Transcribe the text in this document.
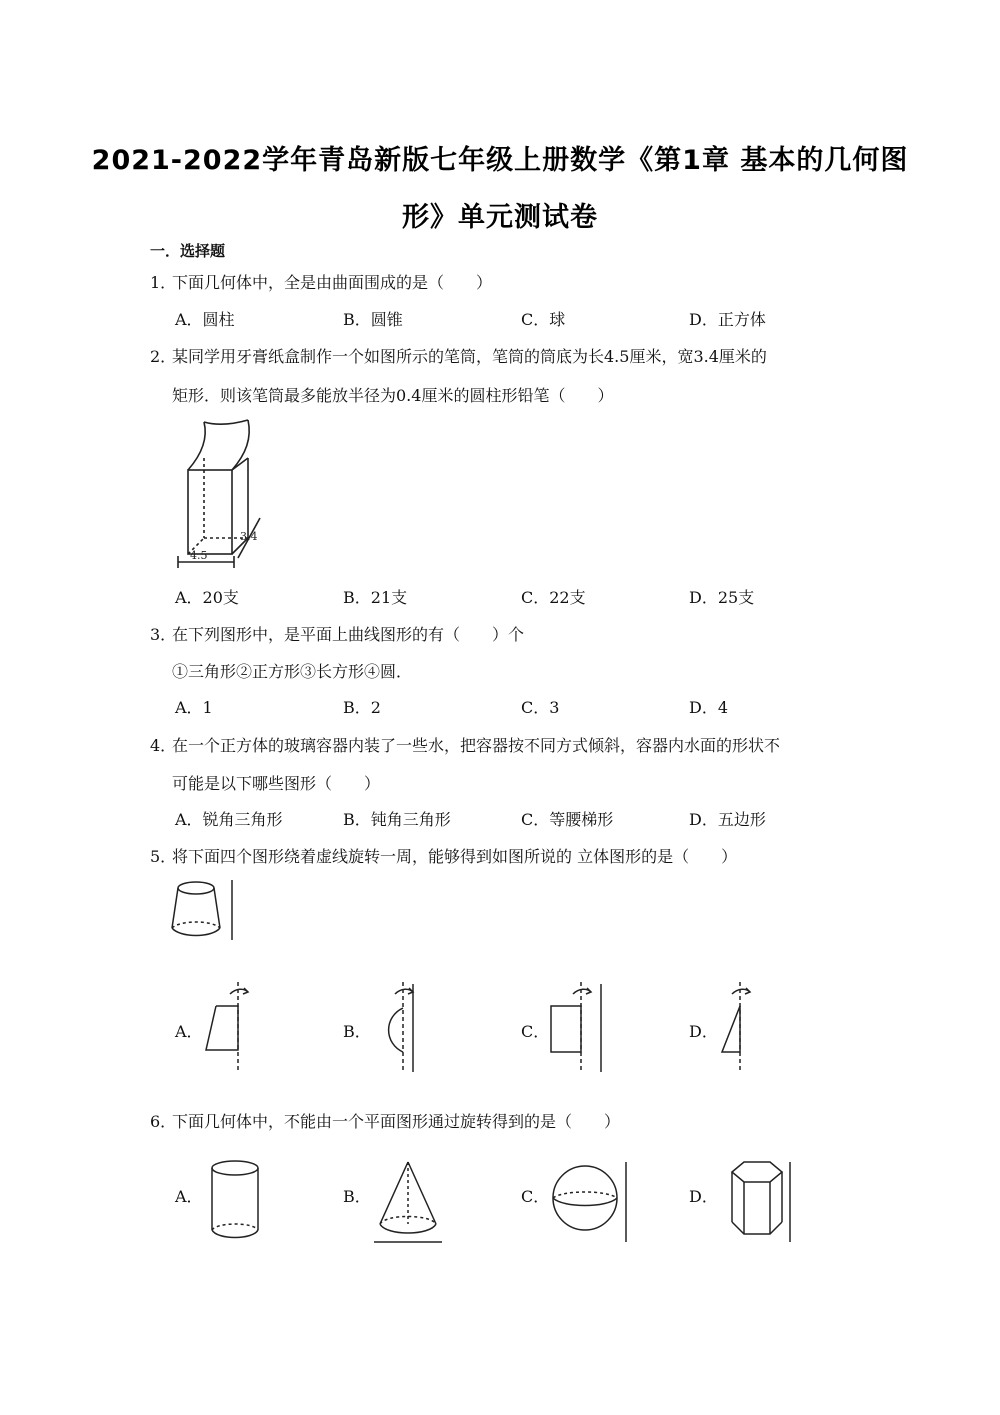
2021-2022学年青岛新版七年级上册数学《第1章 基本的几何图
形》单元测试卷
一．选择题
1．下面几何体中，全是由曲面围成的是（　　）
A．圆柱	B．圆锥	C．球	D．正方体
2．某同学用牙膏纸盒制作一个如图所示的笔筒，笔筒的筒底为长4.5厘米，宽3.4厘米的
矩形．则该笔筒最多能放半径为0.4厘米的圆柱形铅笔（　　）
4.5
3.4
A．20支	B．21支	C．22支	D．25支
3．在下列图形中，是平面上曲线图形的有（　　）个
①三角形②正方形③长方形④圆．
A．1	B．2	C．3	D．4
4．在一个正方体的玻璃容器内装了一些水，把容器按不同方式倾斜，容器内水面的形状不
可能是以下哪些图形（　　）
A．锐角三角形	B．钝角三角形	C．等腰梯形	D．五边形
5．将下面四个图形绕着虚线旋转一周，能够得到如图所说的 立体图形的是（　　）
A．	B．	C．	D．
6．下面几何体中，不能由一个平面图形通过旋转得到的是（　　）
A．	B．	C．	D．
